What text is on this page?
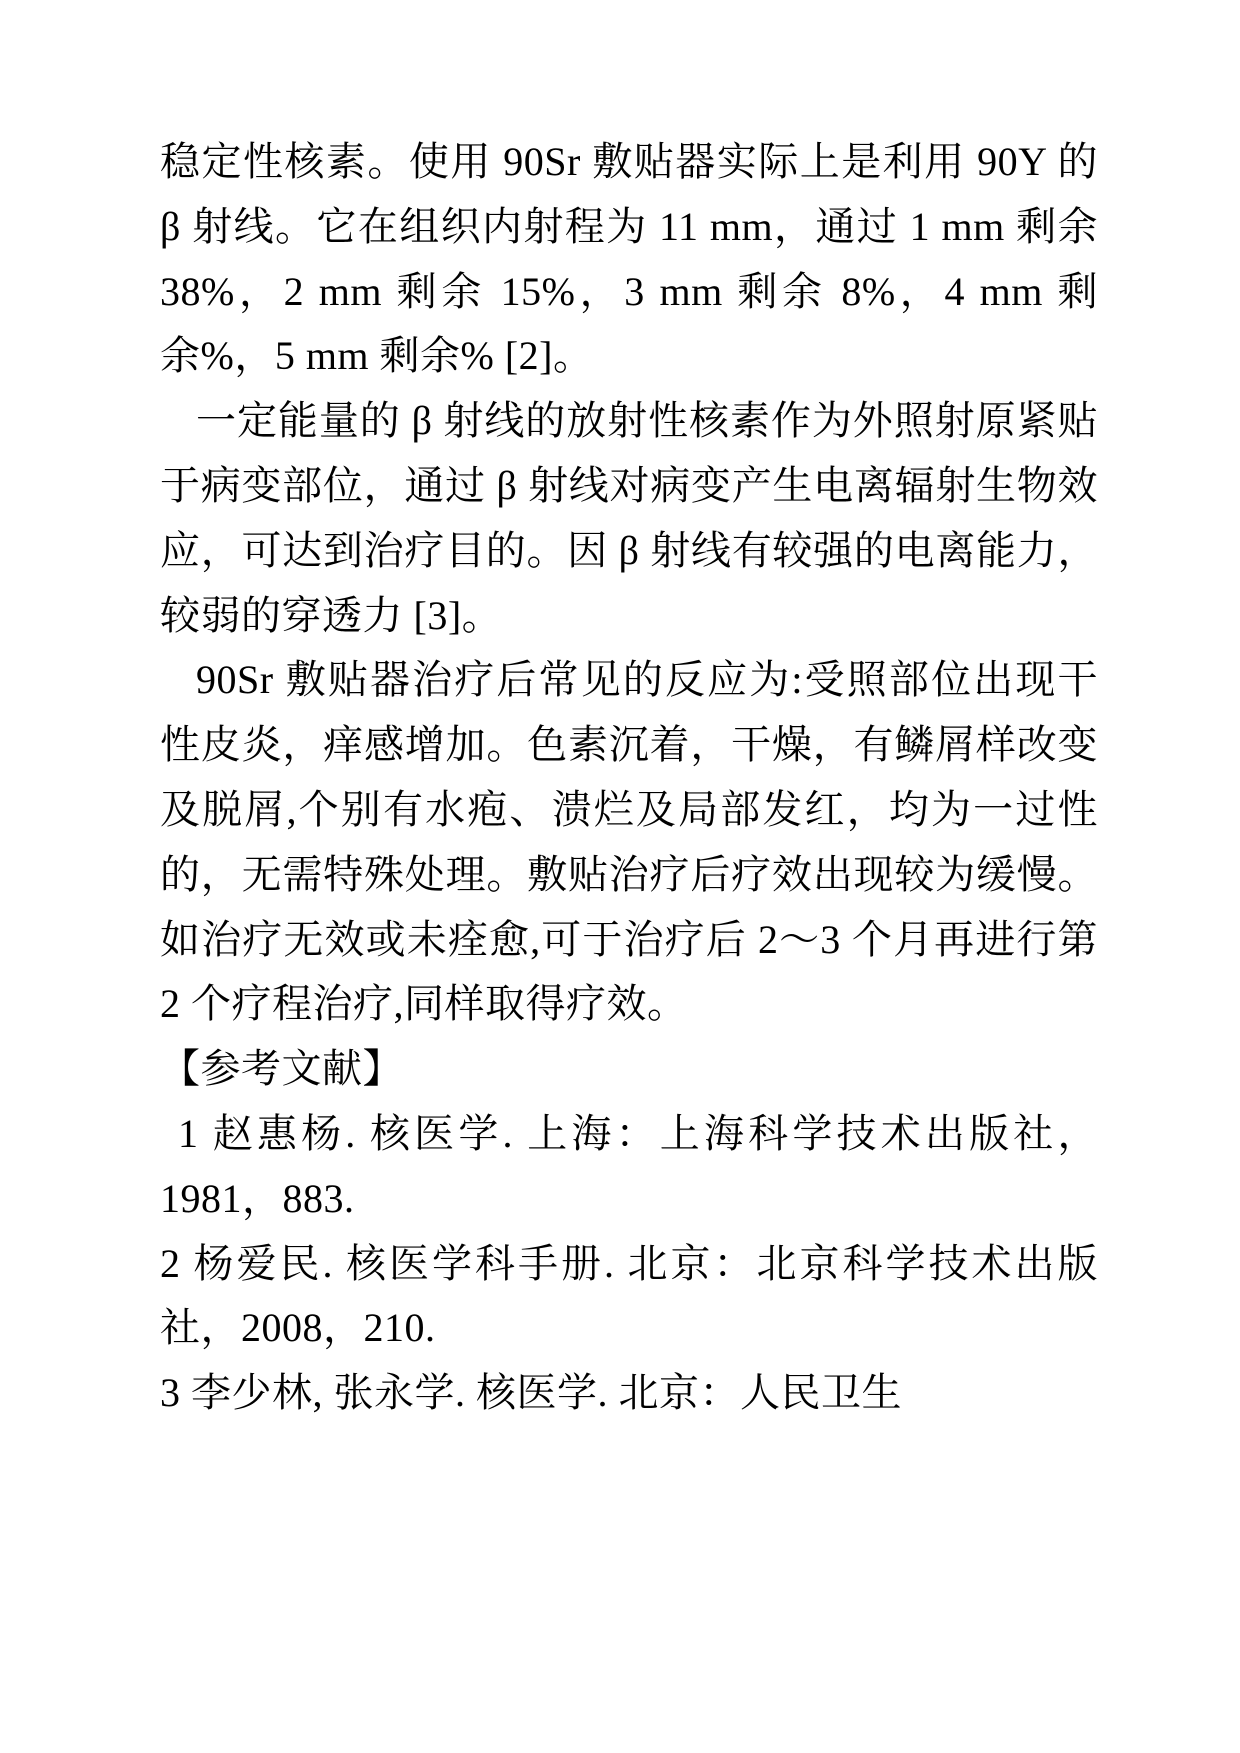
稳定性核素。使用 90Sr 敷贴器实际上是利用 90Y 的 β 射线。它在组织内射程为 11 mm，通过 1 mm 剩余 38%，2 mm 剩余 15%，3 mm 剩余 8%，4 mm 剩余%，5 mm 剩余% [2]。

一定能量的 β 射线的放射性核素作为外照射原紧贴于病变部位，通过 β 射线对病变产生电离辐射生物效应，可达到治疗目的。因 β 射线有较强的电离能力，较弱的穿透力 [3]。

90Sr 敷贴器治疗后常见的反应为:受照部位出现干性皮炎，痒感增加。色素沉着，干燥，有鳞屑样改变及脱屑,个别有水疱、溃烂及局部发红，均为一过性的，无需特殊处理。敷贴治疗后疗效出现较为缓慢。如治疗无效或未痊愈,可于治疗后 2～3 个月再进行第 2 个疗程治疗,同样取得疗效。

【参考文献】

1 赵惠杨. 核医学. 上海：上海科学技术出版社，1981，883.

2 杨爱民. 核医学科手册. 北京：北京科学技术出版社，2008，210.

3 李少林, 张永学. 核医学. 北京：人民卫生
